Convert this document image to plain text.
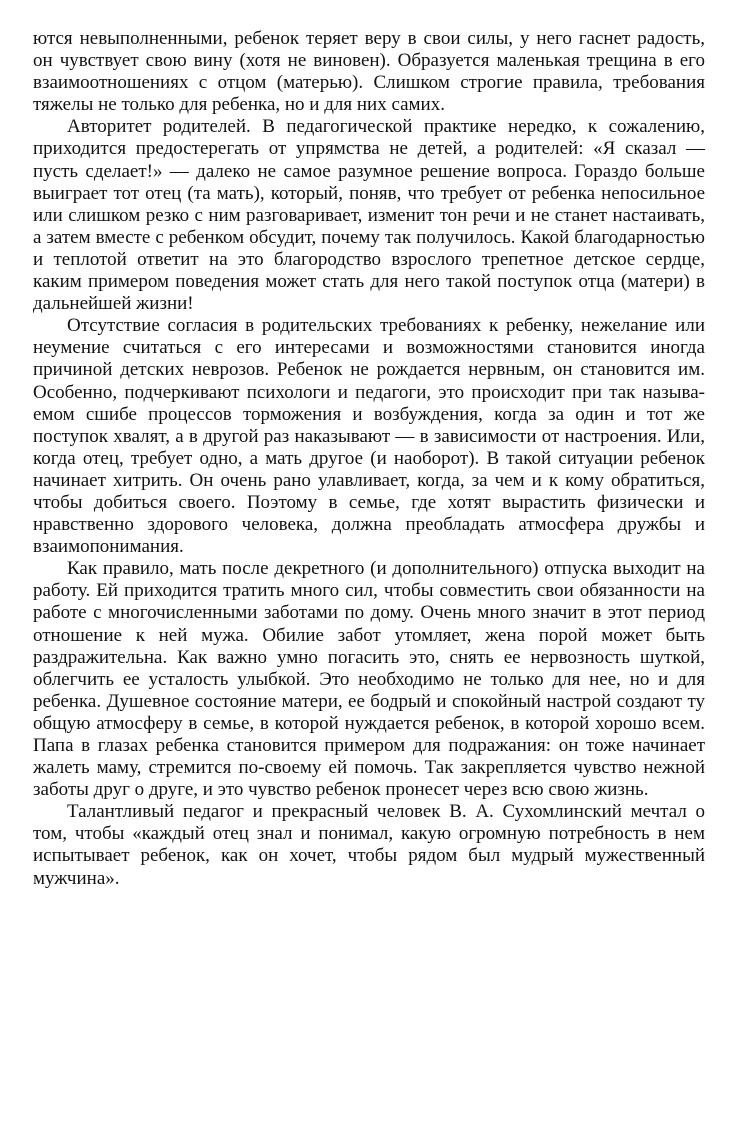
ются невыполненными, ребенок теряет веру в свои силы, у него гаснет радость, он чувствует свою вину (хотя не виновен). Образуется маленькая трещина в его взаимоотношениях с отцом (матерью). Слишком строгие правила, требования тяжелы не только для ребенка, но и для них самих.

Авторитет родителей. В педагогической практике нередко, к сожалению, приходится предостерегать от упрямства не детей, а родителей: «Я сказал — пусть сделает!» — далеко не самое разумное решение вопроса. Гораздо больше выиграет тот отец (та мать), который, поняв, что требует от ребенка непосильное или слишком резко с ним разговаривает, изменит тон речи и не станет настаивать, а затем вместе с ребенком обсудит, почему так получилось. Какой благодарностью и теплотой ответит на это благородство взрослого трепетное детское сердце, каким примером поведения может стать для него такой поступок отца (матери) в дальнейшей жизни!

Отсутствие согласия в родительских требованиях к ребенку, нежелание или неумение считаться с его интересами и возможностями становится иногда причиной детских неврозов. Ребенок не рождается нервным, он становится им. Особенно, подчеркивают психологи и педагоги, это происходит при так называемом сшибе процессов торможения и возбуждения, когда за один и тот же поступок хвалят, а в другой раз наказывают — в зависимости от настроения. Или, когда отец, требует одно, а мать другое (и наоборот). В такой ситуации ребенок начинает хитрить. Он очень рано улавливает, когда, за чем и к кому обратиться, чтобы добиться своего. Поэтому в семье, где хотят вырастить физически и нравственно здорового человека, должна преобладать атмосфера дружбы и взаимопонимания.

Как правило, мать после декретного (и дополнительного) отпуска выходит на работу. Ей приходится тратить много сил, чтобы совместить свои обязанности на работе с многочисленными заботами по дому. Очень много значит в этот период отношение к ней мужа. Обилие забот утомляет, жена порой может быть раздражительна. Как важно умно погасить это, снять ее нервозность шуткой, облегчить ее усталость улыбкой. Это необходимо не только для нее, но и для ребенка. Душевное состояние матери, ее бодрый и спокойный настрой создают ту общую атмосферу в семье, в которой нуждается ребенок, в которой хорошо всем. Папа в глазах ребенка становится примером для подражания: он тоже начинает жалеть маму, стремится по-своему ей помочь. Так закрепляется чувство нежной заботы друг о друге, и это чувство ребенок пронесет через всю свою жизнь.

Талантливый педагог и прекрасный человек В. А. Сухомлинский мечтал о том, чтобы «каждый отец знал и понимал, какую огромную потребность в нем испытывает ребенок, как он хочет, чтобы рядом был мудрый мужественный мужчина».
